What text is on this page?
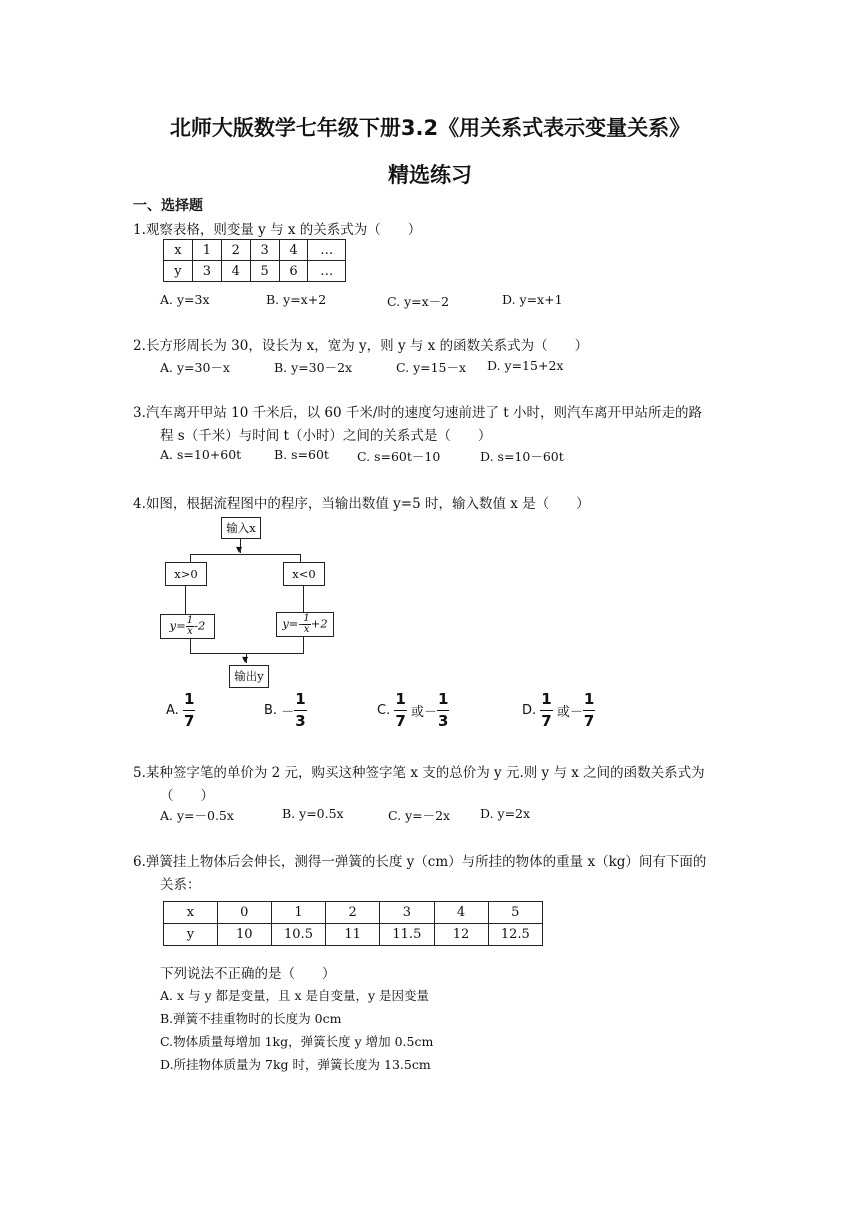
北师大版数学七年级下册3.2《用关系式表示变量关系》
精选练习
一、选择题
1.观察表格，则变量 y 与 x 的关系式为（　　）
x	1	2	3	4	…
y	3	4	5	6	…
A. y=3x	B. y=x+2	C. y=x－2	D. y=x+1
2.长方形周长为 30，设长为 x，宽为 y，则 y 与 x 的函数关系式为（　　）
A. y=30－x	B. y=30－2x	C. y=15－x D. y=15+2x
3.汽车离开甲站 10 千米后，以 60 千米/时的速度匀速前进了 t 小时，则汽车离开甲站所走的路
程 s（千米）与时间 t（小时）之间的关系式是（　　）
A. s=10+60t	B. s=60t C. s=60t－10	D. s=10－60t
4.如图，根据流程图中的程序，当输出数值 y=5 时，输入数值 x 是（　　）
输入x
▼
x>0	x<0
$y= \frac{1}{x} -2$	$y=- \frac{1}{x} +2$
▼
输出y
A. $\frac{1}{7}$	B. － $\frac{1}{3}$	C. $\frac{1}{7}$ 或－ $\frac{1}{3}$	D. $\frac{1}{7}$ 或－ $\frac{1}{7}$
5.某种签字笔的单价为 2 元，购买这种签字笔 x 支的总价为 y 元.则 y 与 x 之间的函数关系式为
（　　）
A. y=－0.5x	B. y=0.5x	C. y=－2x D. y=2x
6.弹簧挂上物体后会伸长，测得一弹簧的长度 y（cm）与所挂的物体的重量 x（kg）间有下面的
关系：
x	0	1	2	3	4	5
y	10	10.5	11	11.5	12	12.5
下列说法不正确的是（　　）
A. x 与 y 都是变量，且 x 是自变量，y 是因变量
B.弹簧不挂重物时的长度为 0cm
C.物体质量每增加 1kg，弹簧长度 y 增加 0.5cm
D.所挂物体质量为 7kg 时，弹簧长度为 13.5cm
